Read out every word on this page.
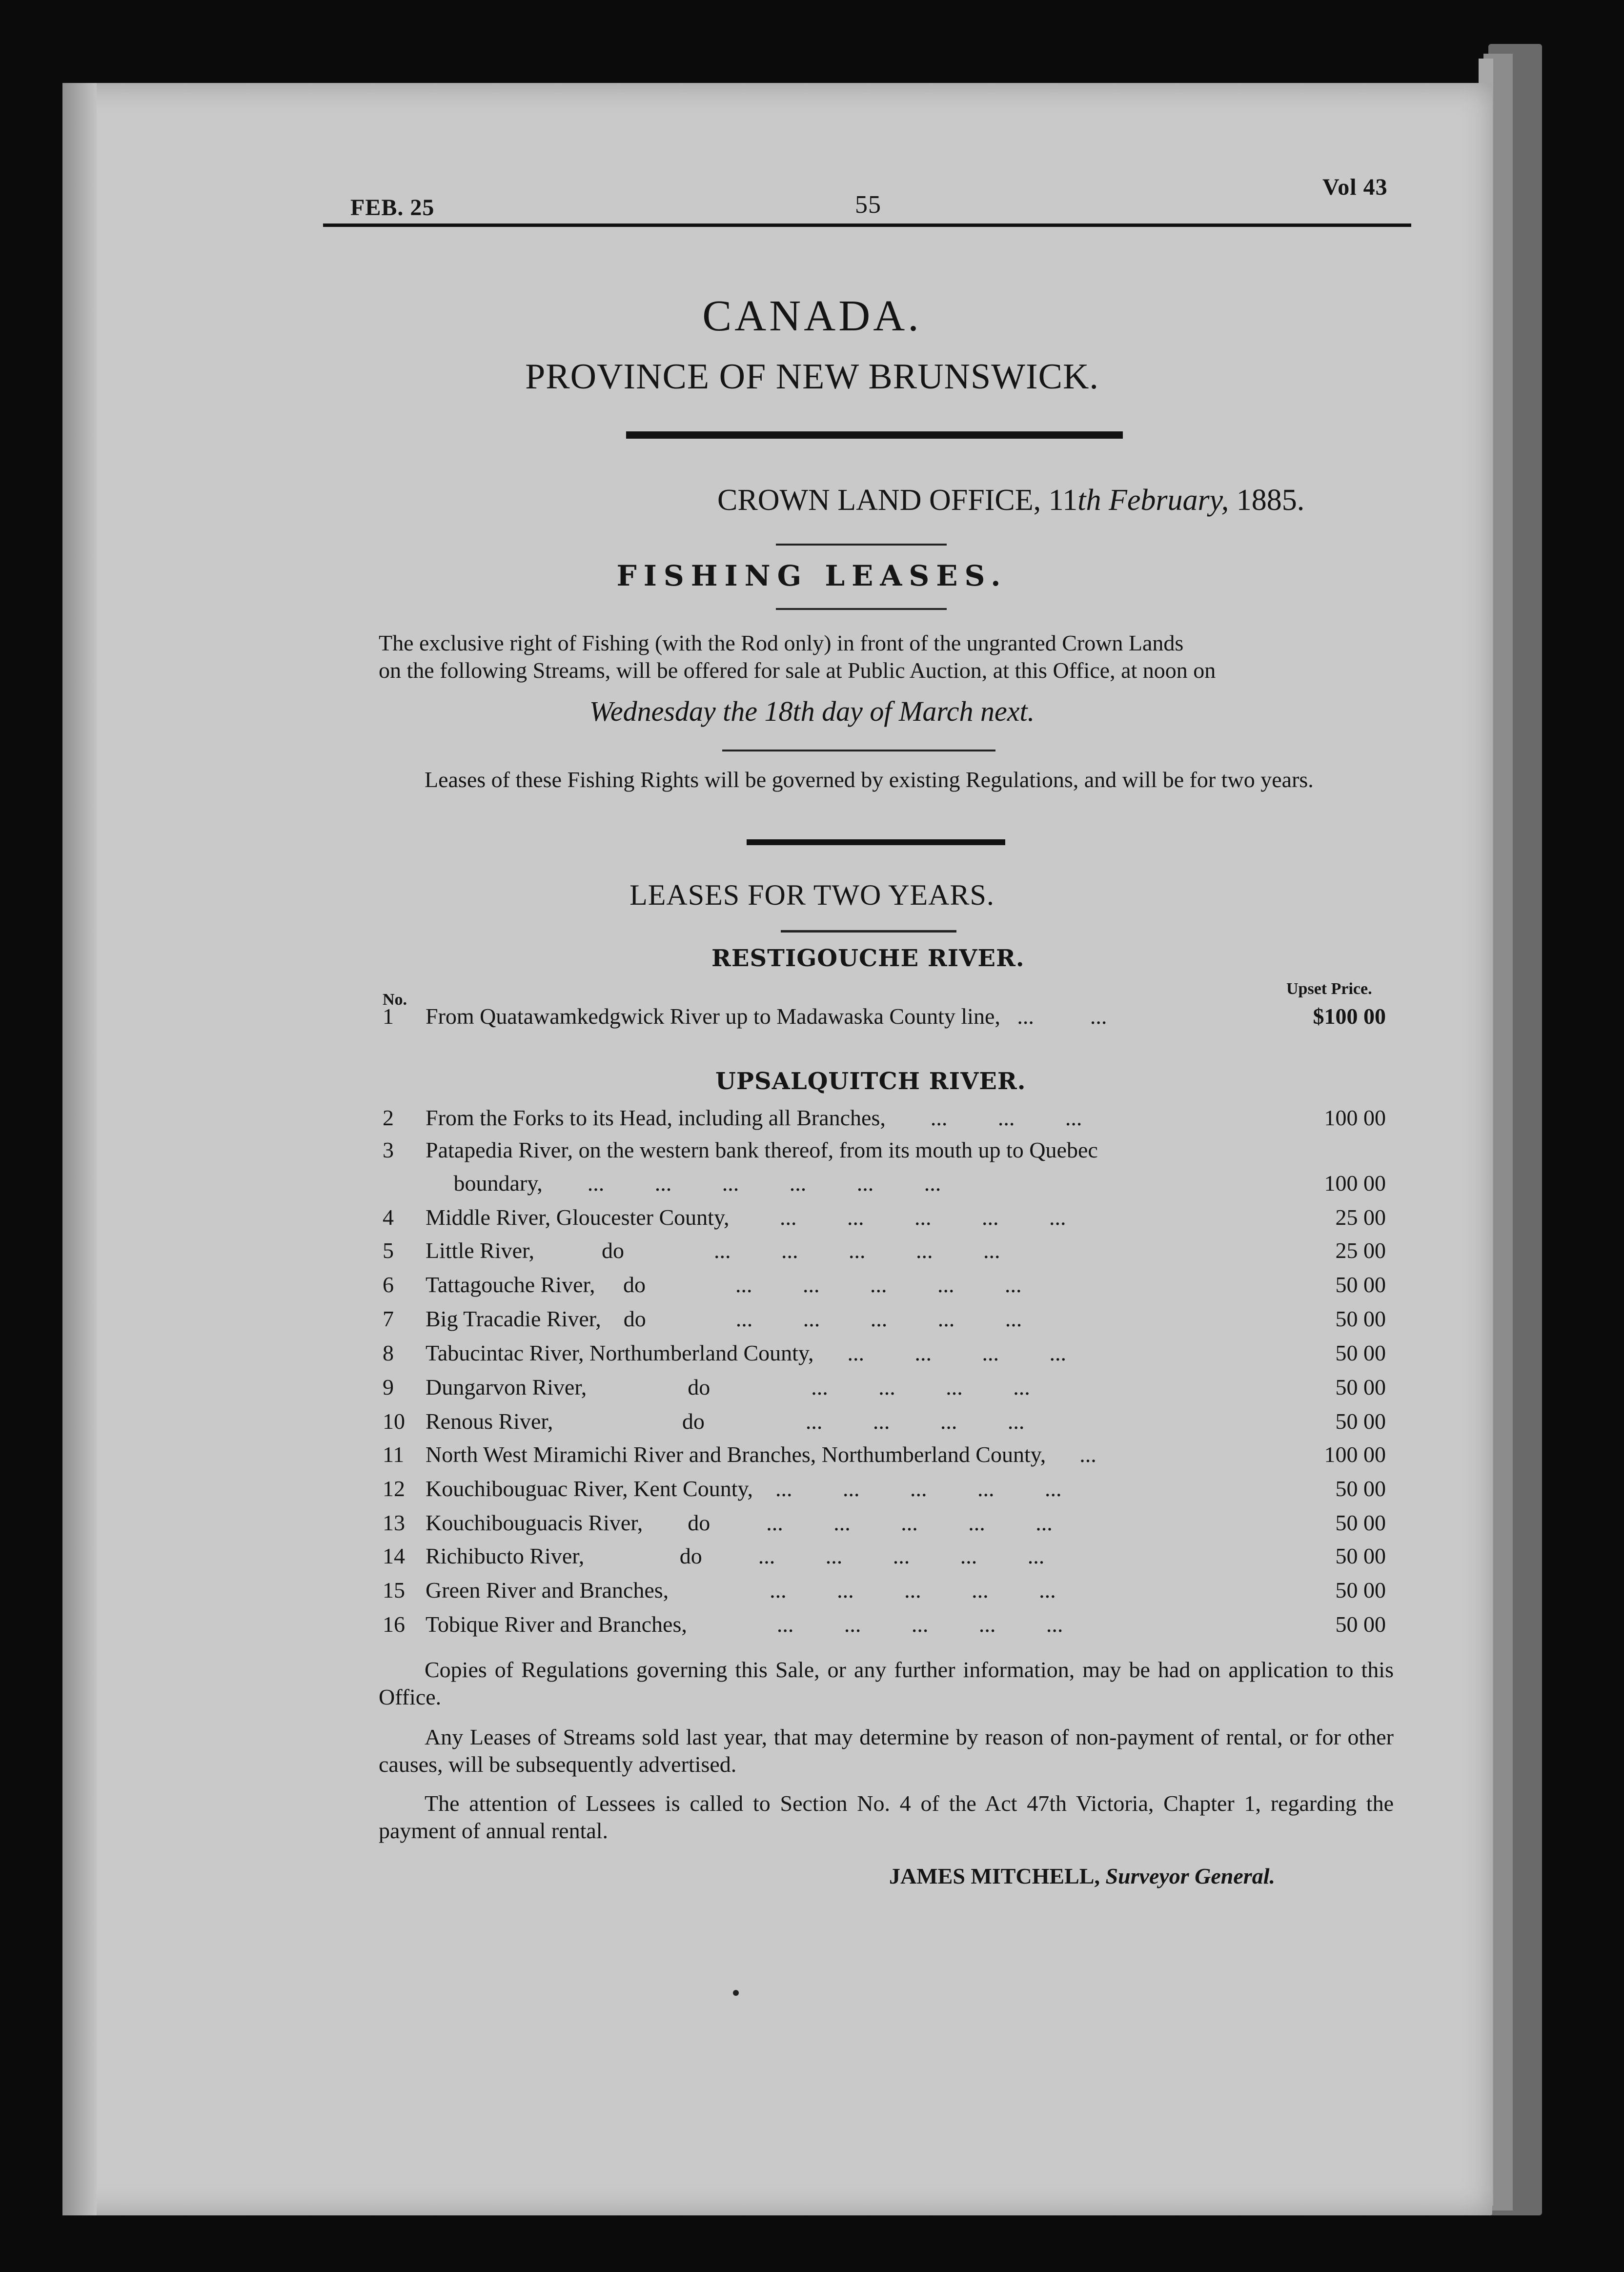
FEB. 25	55
Vol 43
CANADA.
PROVINCE OF NEW BRUNSWICK.
CROWN LAND OFFICE, 11th February, 1885.
FISHING LEASES.
The exclusive right of Fishing (with the Rod only) in front of the ungranted Crown Lands
on the following Streams, will be offered for sale at Public Auction, at this Office, at noon on
Wednesday the 18th day of March next.
Leases of these Fishing Rights will be governed by existing Regulations, and will be for two years.
LEASES FOR TWO YEARS.
RESTIGOUCHE RIVER.
No.
Upset Price.
1	From Quatawamkedgwick River up to Madawaska County line,   ...          ...	$100 00
UPSALQUITCH RIVER.
2	From the Forks to its Head, including all Branches,        ...         ...         ...	100 00
3	Patapedia River, on the western bank thereof, from its mouth up to Quebec
boundary,        ...         ...         ...         ...         ...         ...	100 00
4	Middle River, Gloucester County,         ...         ...         ...         ...         ...	25 00
5	Little River,            do                ...         ...         ...         ...         ...	25 00
6	Tattagouche River,     do                ...         ...         ...         ...         ...	50 00
7	Big Tracadie River,    do                ...         ...         ...         ...         ...	50 00
8	Tabucintac River, Northumberland County,      ...         ...         ...         ...	50 00
9	Dungarvon River,                  do                  ...         ...         ...         ...	50 00
10 Renous River,                       do                  ...         ...         ...         ...	50 00
11 North West Miramichi River and Branches, Northumberland County,      ...	100 00
12 Kouchibouguac River, Kent County,    ...         ...         ...         ...         ...	50 00
13 Kouchibouguacis River,        do          ...         ...         ...         ...         ...	50 00
14 Richibucto River,                 do          ...         ...         ...         ...         ...	50 00
15 Green River and Branches,                  ...         ...         ...         ...         ...	50 00
16 Tobique River and Branches,                ...         ...         ...         ...         ...	50 00
Copies of Regulations governing this Sale, or any further information, may be had on application to this Office.
Any Leases of Streams sold last year, that may determine by reason of non-payment of rental, or for other causes, will be subsequently advertised.
The attention of Lessees is called to Section No. 4 of the Act 47th Victoria, Chapter 1, regarding the payment of annual rental.
JAMES MITCHELL, Surveyor General.
